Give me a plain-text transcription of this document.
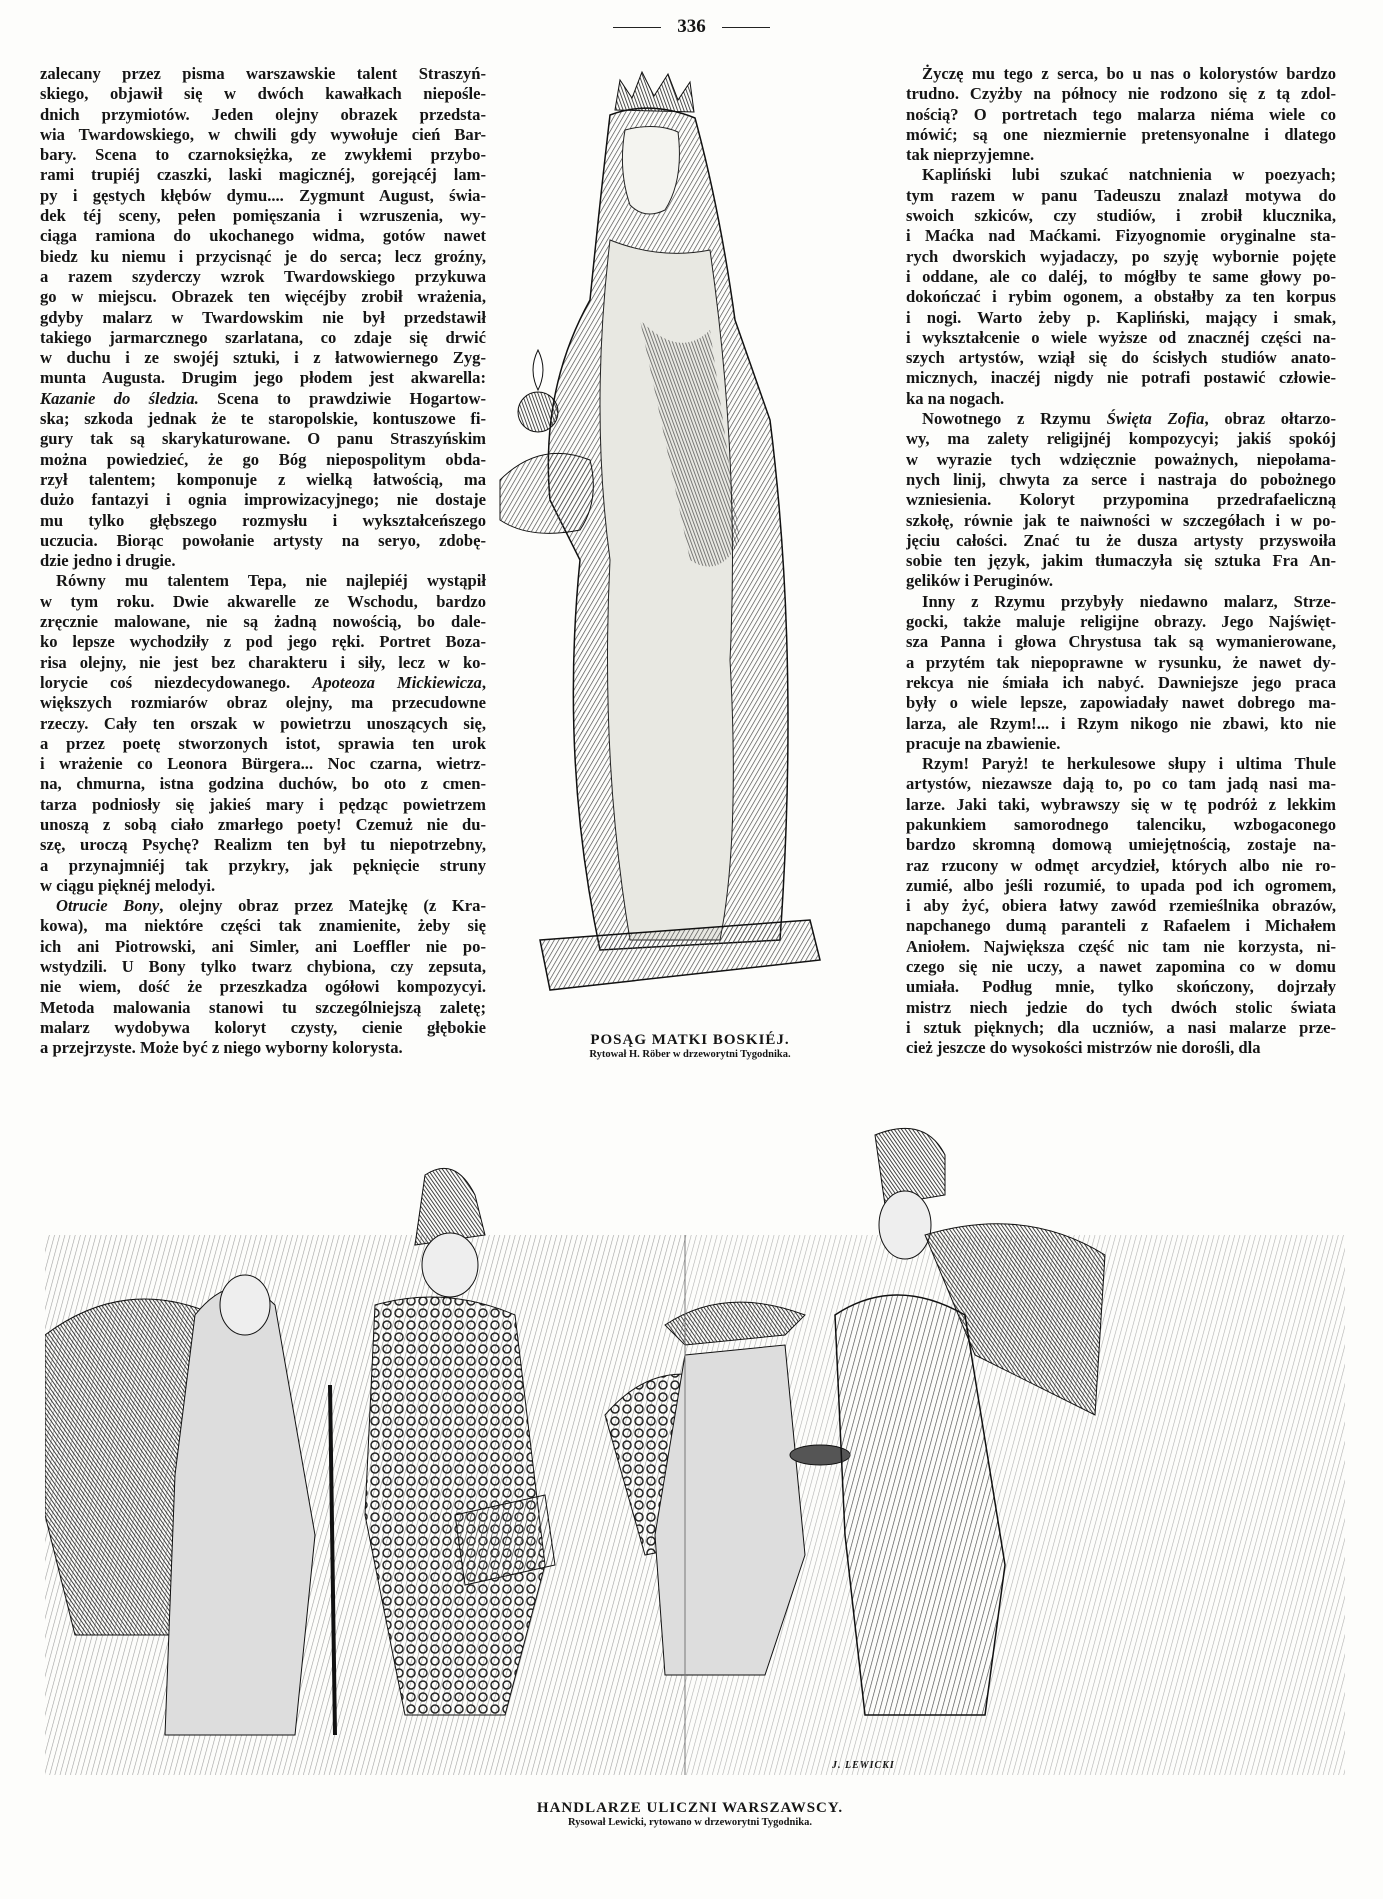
336
zalecany przez pisma warszawskie talent Straszyń-
skiego, objawił się w dwóch kawałkach niepośle-
dnich przymiotów. Jeden olejny obrazek przedsta-
wia Twardowskiego, w chwili gdy wywołuje cień Bar-
bary. Scena to czarnoksiężka, ze zwykłemi przybo-
rami trupiéj czaszki, laski magicznéj, gorejącéj lam-
py i gęstych kłębów dymu.... Zygmunt August, świa-
dek téj sceny, pełen pomięszania i wzruszenia, wy-
ciąga ramiona do ukochanego widma, gotów nawet
biedz ku niemu i przycisnąć je do serca; lecz groźny,
a razem szyderczy wzrok Twardowskiego przykuwa
go w miejscu. Obrazek ten więcéjby zrobił wrażenia,
gdyby malarz w Twardowskim nie był przedstawił
takiego jarmarcznego szarlatana, co zdaje się drwić
w duchu i ze swojéj sztuki, i z łatwowiernego Zyg-
munta Augusta. Drugim jego płodem jest akwarella:
Kazanie do śledzia. Scena to prawdziwie Hogartow-
ska; szkoda jednak że te staropolskie, kontuszowe fi-
gury tak są skarykaturowane. O panu Straszyńskim
można powiedzieć, że go Bóg niepospolitym obda-
rzył talentem; komponuje z wielką łatwością, ma
dużo fantazyi i ognia improwizacyjnego; nie dostaje
mu tylko głębszego rozmysłu i wykształceńszego
uczucia. Biorąc powołanie artysty na seryo, zdobę-
dzie jedno i drugie.
Równy mu talentem Tepa, nie najlepiéj wystąpił
w tym roku. Dwie akwarelle ze Wschodu, bardzo
zręcznie malowane, nie są żadną nowością, bo dale-
ko lepsze wychodziły z pod jego ręki. Portret Boza-
risa olejny, nie jest bez charakteru i siły, lecz w ko-
lorycie coś niezdecydowanego. Apoteoza Mickiewicza,
większych rozmiarów obraz olejny, ma przecudowne
rzeczy. Cały ten orszak w powietrzu unoszących się,
a przez poetę stworzonych istot, sprawia ten urok
i wrażenie co Leonora Bürgera... Noc czarna, wietrz-
na, chmurna, istna godzina duchów, bo oto z cmen-
tarza podniosły się jakieś mary i pędząc powietrzem
unoszą z sobą ciało zmarłego poety! Czemuż nie du-
szę, uroczą Psychę? Realizm ten był tu niepotrzebny,
a przynajmniéj tak przykry, jak pęknięcie struny
w ciągu pięknéj melodyi.
Otrucie Bony, olejny obraz przez Matejkę (z Kra-
kowa), ma niektóre części tak znamienite, żeby się
ich ani Piotrowski, ani Simler, ani Loeffler nie po-
wstydzili. U Bony tylko twarz chybiona, czy zepsuta,
nie wiem, dość że przeszkadza ogółowi kompozycyi.
Metoda malowania stanowi tu szczególniejszą zaletę;
malarz wydobywa koloryt czysty, cienie głębokie
a przejrzyste. Może być z niego wyborny kolorysta.
Życzę mu tego z serca, bo u nas o kolorystów bardzo
trudno. Czyżby na północy nie rodzono się z tą zdol-
nością? O portretach tego malarza niéma wiele co
mówić; są one niezmiernie pretensyonalne i dlatego
tak nieprzyjemne.
Kapliński lubi szukać natchnienia w poezyach;
tym razem w panu Tadeuszu znalazł motywa do
swoich szkiców, czy studiów, i zrobił klucznika,
i Maćka nad Maćkami. Fizyognomie oryginalne sta-
rych dworskich wyjadaczy, po szyję wybornie pojęte
i oddane, ale co daléj, to mógłby te same głowy po-
dokończać i rybim ogonem, a obstałby za ten korpus
i nogi. Warto żeby p. Kapliński, mający i smak,
i wykształcenie o wiele wyższe od znacznéj części na-
szych artystów, wziął się do ścisłych studiów anato-
micznych, inaczéj nigdy nie potrafi postawić człowie-
ka na nogach.
Nowotnego z Rzymu Święta Zofia, obraz ołtarzo-
wy, ma zalety religijnéj kompozycyi; jakiś spokój
w wyrazie tych wdzięcznie poważnych, niepołama-
nych linij, chwyta za serce i nastraja do pobożnego
wzniesienia. Koloryt przypomina przedrafaeliczną
szkołę, równie jak te naiwności w szczegółach i w po-
jęciu całości. Znać tu że dusza artysty przyswoiła
sobie ten język, jakim tłumaczyła się sztuka Fra An-
gelików i Peruginów.
Inny z Rzymu przybyły niedawno malarz, Strze-
gocki, także maluje religijne obrazy. Jego Najświęt-
sza Panna i głowa Chrystusa tak są wymanierowane,
a przytém tak niepoprawne w rysunku, że nawet dy-
rekcya nie śmiała ich nabyć. Dawniejsze jego praca
były o wiele lepsze, zapowiadały nawet dobrego ma-
larza, ale Rzym!... i Rzym nikogo nie zbawi, kto nie
pracuje na zbawienie.
Rzym! Paryż! te herkulesowe słupy i ultima Thule
artystów, niezawsze dają to, po co tam jadą nasi ma-
larze. Jaki taki, wybrawszy się w tę podróż z lekkim
pakunkiem samorodnego talenciku, wzbogaconego
bardzo skromną domową umiejętnością, zostaje na-
raz rzucony w odmęt arcydzieł, których albo nie ro-
zumié, albo jeśli rozumié, to upada pod ich ogromem,
i aby żyć, obiera łatwy zawód rzemieślnika obrazów,
napchanego dumą paranteli z Rafaelem i Michałem
Aniołem. Największa część nic tam nie korzysta, ni-
czego się nie uczy, a nawet zapomina co w domu
umiała. Podług mnie, tylko skończony, dojrzały
mistrz niech jedzie do tych dwóch stolic świata
i sztuk pięknych; dla uczniów, a nasi malarze prze-
cież jeszcze do wysokości mistrzów nie dorośli, dla
POSĄG MATKI BOSKIÉJ.
Rytował H. Röber w drzeworytni Tygodnika.
J. LEWICKI
HANDLARZE ULICZNI WARSZAWSCY.
Rysował Lewicki, rytowano w drzeworytni Tygodnika.
